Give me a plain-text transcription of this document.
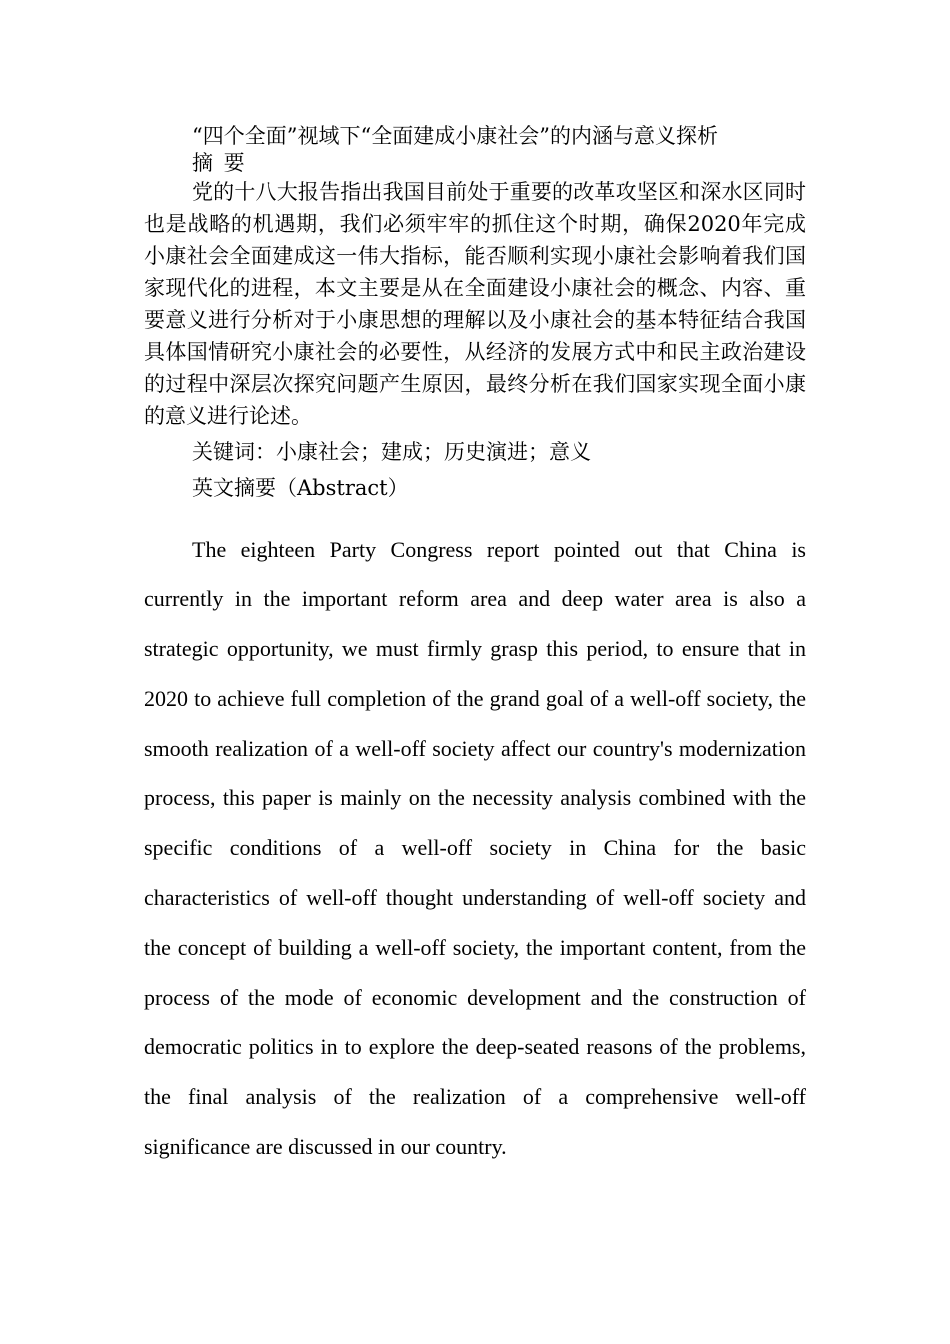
“四个全面”视域下“全面建成小康社会”的内涵与意义探析

摘 要

党的十八大报告指出我国目前处于重要的改革攻坚区和深水区同时也是战略的机遇期，我们必须牢牢的抓住这个时期，确保2020年完成小康社会全面建成这一伟大指标，能否顺利实现小康社会影响着我们国家现代化的进程，本文主要是从在全面建设小康社会的概念、内容、重要意义进行分析对于小康思想的理解以及小康社会的基本特征结合我国具体国情研究小康社会的必要性，从经济的发展方式中和民主政治建设的过程中深层次探究问题产生原因，最终分析在我们国家实现全面小康的意义进行论述。

关键词：小康社会；建成；历史演进；意义

英文摘要（Abstract）

The eighteen Party Congress report pointed out that China is currently in the important reform area and deep water area is also a strategic opportunity, we must firmly grasp this period, to ensure that in 2020 to achieve full completion of the grand goal of a well-off society, the smooth realization of a well-off society affect our country's modernization process, this paper is mainly on the necessity analysis combined with the specific conditions of a well-off society in China for the basic characteristics of well-off thought understanding of well-off society and the concept of building a well-off society, the important content, from the process of the mode of economic development and the construction of democratic politics in to explore the deep-seated reasons of the problems, the final analysis of the realization of a comprehensive well-off significance are discussed in our country.
